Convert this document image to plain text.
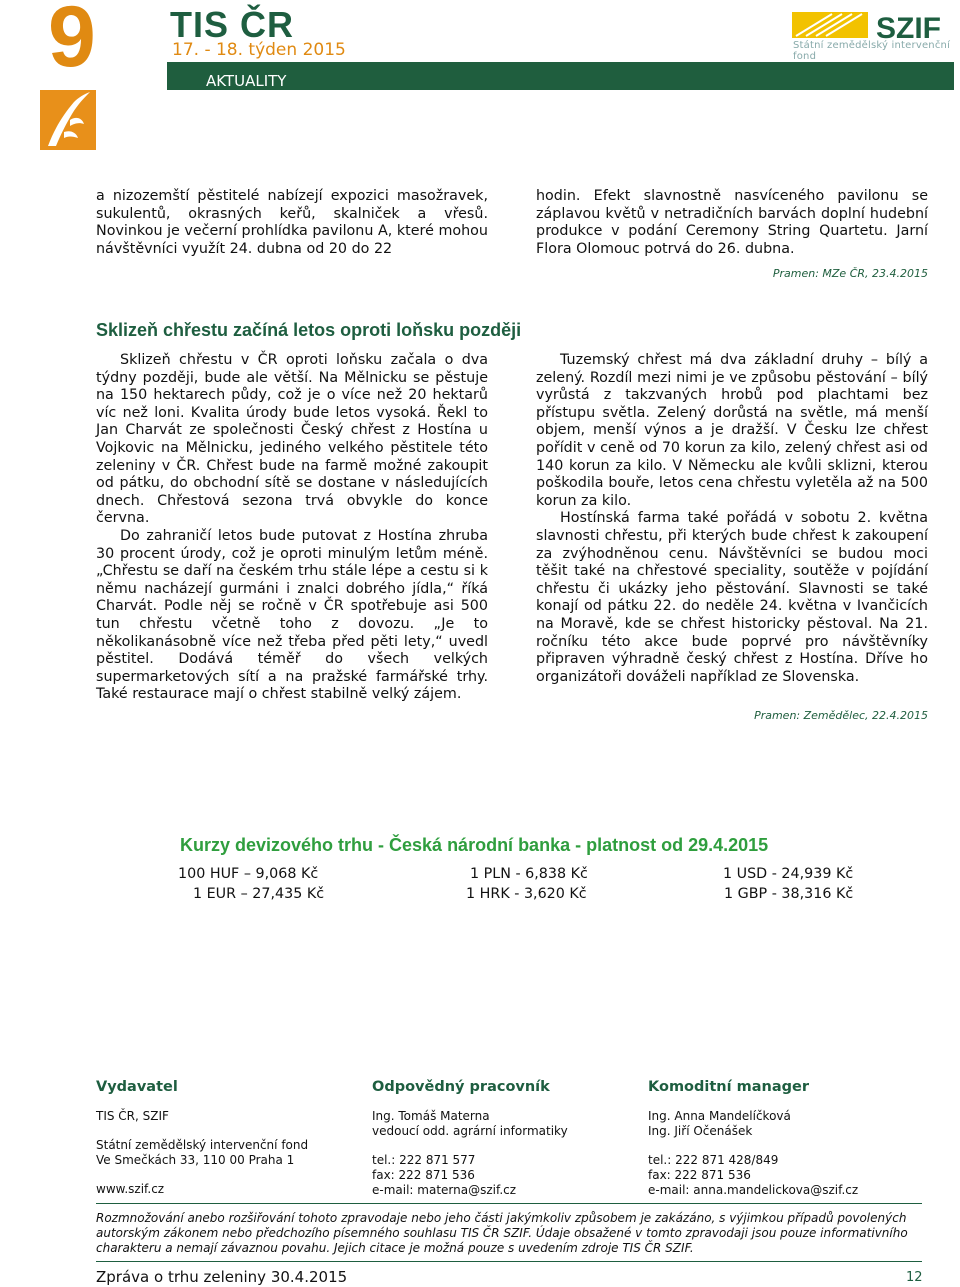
9 TIS ČR
17. - 18. týden 2015
AKTUALITY
SZIF
Státní zemědělský intervenční fond

a nizozemští pěstitelé nabízejí expozici masožravek, sukulentů, okrasných keřů, skalniček a vřesů. Novinkou je večerní prohlídka pavilonu A, které mohou návštěvníci využít 24. dubna od 20 do 22

hodin. Efekt slavnostně nasvíceného pavilonu se záplavou květů v netradičních barvách doplní hudební produkce v podání Ceremony String Quartetu. Jarní Flora Olomouc potrvá do 26. dubna.

Pramen: MZe ČR, 23.4.2015
Sklizeň chřestu začíná letos oproti loňsku později

Sklizeň chřestu v ČR oproti loňsku začala o dva týdny později, bude ale větší. Na Mělnicku se pěstuje na 150 hektarech půdy, což je o více než 20 hektarů víc než loni. Kvalita úrody bude letos vysoká. Řekl to Jan Charvát ze společnosti Český chřest z Hostína u Vojkovic na Mělnicku, jediného velkého pěstitele této zeleniny v ČR. Chřest bude na farmě možné zakoupit od pátku, do obchodní sítě se dostane v následujících dnech. Chřestová sezona trvá obvykle do konce června.

Do zahraničí letos bude putovat z Hostína zhruba 30 procent úrody, což je oproti minulým letům méně. „Chřestu se daří na českém trhu stále lépe a cestu si k němu nacházejí gurmáni i znalci dobrého jídla,“ říká Charvát. Podle něj se ročně v ČR spotřebuje asi 500 tun chřestu včetně toho z dovozu. „Je to několikanásobně více než třeba před pěti lety,“ uvedl pěstitel. Dodává téměř do všech velkých supermarketových sítí a na pražské farmářské trhy. Také restaurace mají o chřest stabilně velký zájem.

Tuzemský chřest má dva základní druhy – bílý a zelený. Rozdíl mezi nimi je ve způsobu pěstování – bílý vyrůstá z takzvaných hrobů pod plachtami bez přístupu světla. Zelený dorůstá na světle, má menší objem, menší výnos a je dražší. V Česku lze chřest pořídit v ceně od 70 korun za kilo, zelený chřest asi od 140 korun za kilo. V Německu ale kvůli sklizni, kterou poškodila bouře, letos cena chřestu vyletěla až na 500 korun za kilo.

Hostínská farma také pořádá v sobotu 2. května slavnosti chřestu, při kterých bude chřest k zakoupení za zvýhodněnou cenu. Návštěvníci se budou moci těšit také na chřestové speciality, soutěže v pojídání chřestu či ukázky jeho pěstování. Slavnosti se také konají od pátku 22. do neděle 24. května v Ivančicích na Moravě, kde se chřest historicky pěstoval. Na 21. ročníku této akce bude poprvé pro návštěvníky připraven výhradně český chřest z Hostína. Dříve ho organizátoři dováželi například ze Slovenska.

Pramen: Zemědělec, 22.4.2015
Kurzy devizového trhu - Česká národní banka - platnost od 29.4.2015
100 HUF – 9,068 Kč	1 PLN - 6,838 Kč	1 USD - 24,939 Kč
1 EUR – 27,435 Kč	1 HRK - 3,620 Kč	1 GBP - 38,316 Kč
Vydavatel
TIS ČR, SZIF
Státní zemědělský intervenční fond
Ve Smečkách 33, 110 00 Praha 1
www.szif.cz
Odpovědný pracovník
Ing. Tomáš Materna
vedoucí odd. agrární informatiky
tel.: 222 871 577
fax: 222 871 536
e-mail: materna@szif.cz
Komoditní manager
Ing. Anna Mandelíčková
Ing. Jiří Očenášek
tel.: 222 871 428/849
fax: 222 871 536
e-mail: anna.mandelickova@szif.cz
Rozmnožování anebo rozšiřování tohoto zpravodaje nebo jeho části jakýmkoliv způsobem je zakázáno, s výjimkou případů povolených autorským zákonem nebo předchozího písemného souhlasu TIS ČR SZIF. Údaje obsažené v tomto zpravodaji jsou pouze informativního charakteru a nemají závaznou povahu. Jejich citace je možná pouze s uvedením zdroje TIS ČR SZIF.
Zpráva o trhu zeleniny 30.4.2015	12
